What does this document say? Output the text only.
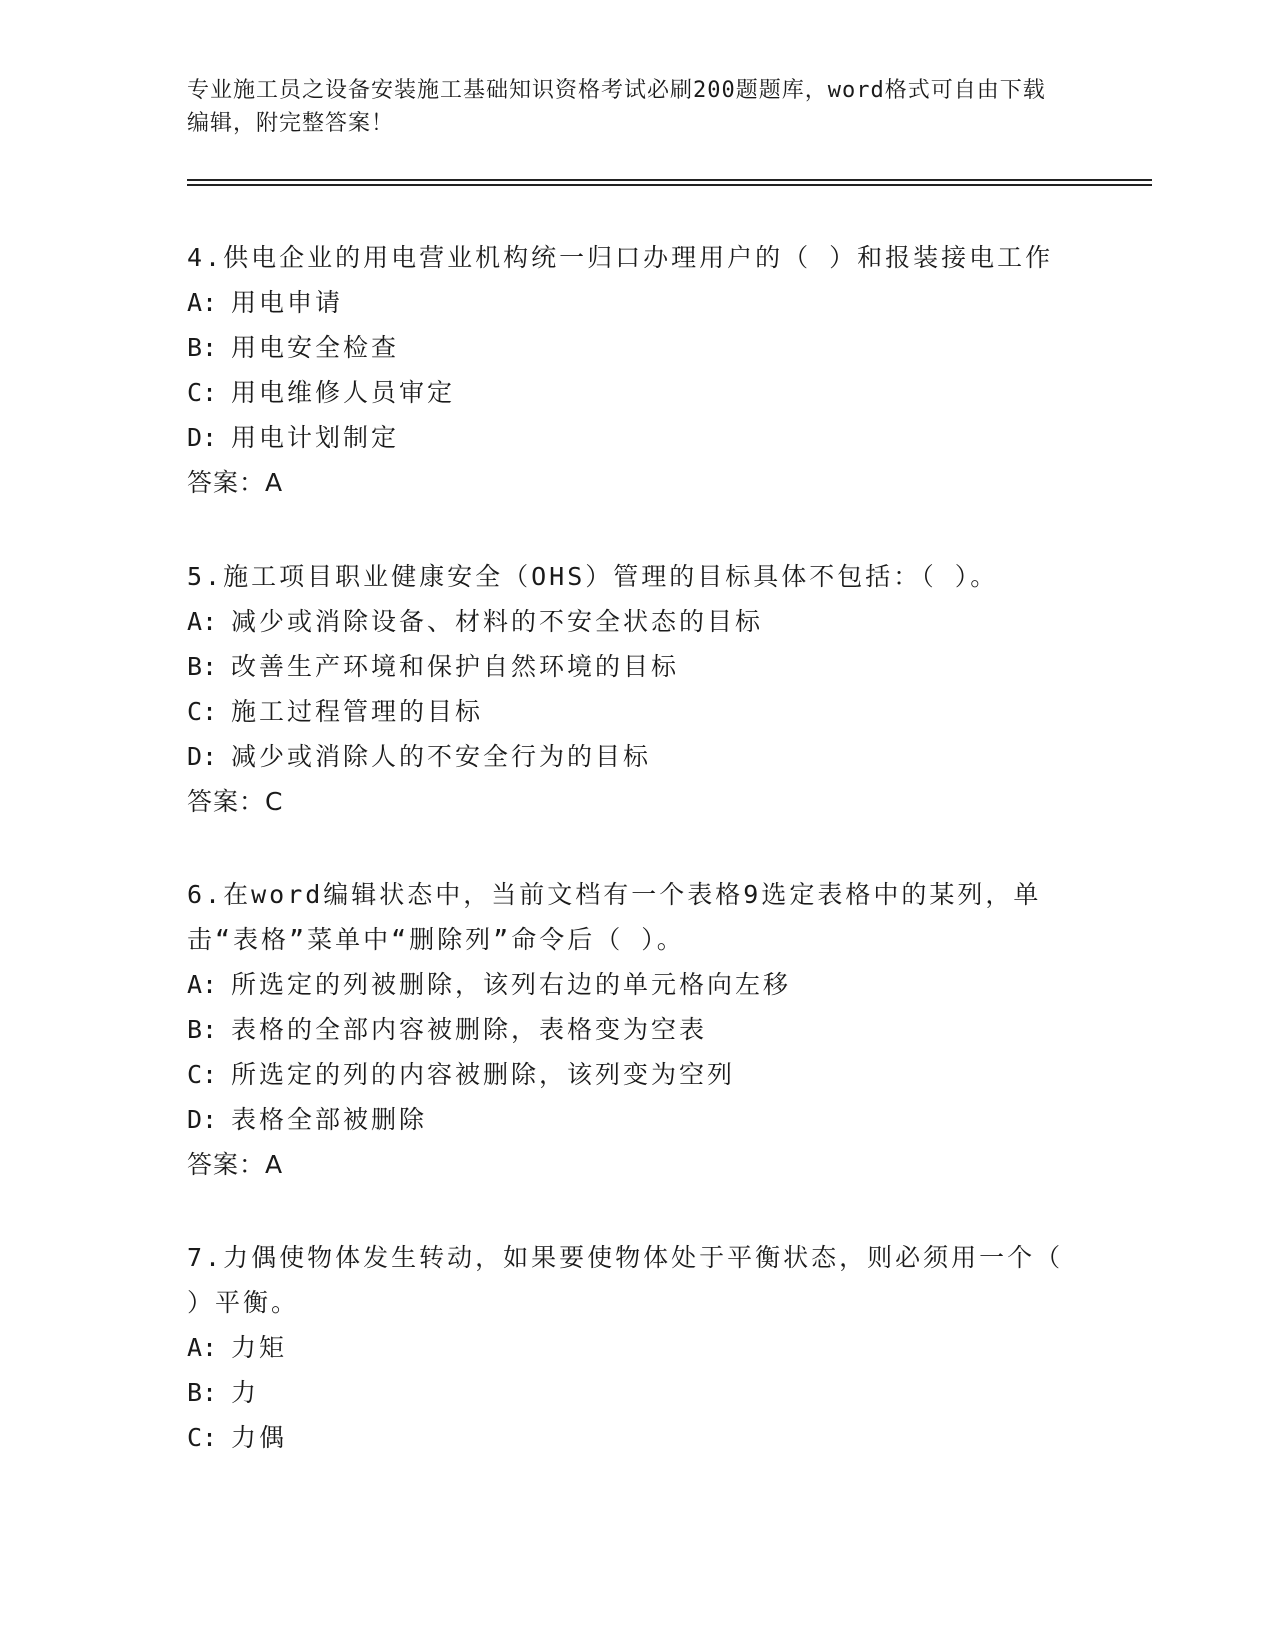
专业施工员之设备安装施工基础知识资格考试必刷200题题库，word格式可自由下载编辑，附完整答案！

4.供电企业的用电营业机构统一归口办理用户的（ ）和报装接电工作

A: 用电申请

B: 用电安全检查

C: 用电维修人员审定

D: 用电计划制定

答案：A

5.施工项目职业健康安全（OHS）管理的目标具体不包括：（ ）。

A: 减少或消除设备、材料的不安全状态的目标

B: 改善生产环境和保护自然环境的目标

C: 施工过程管理的目标

D: 减少或消除人的不安全行为的目标

答案：C

6.在word编辑状态中，当前文档有一个表格9选定表格中的某列，单击“表格”菜单中“删除列”命令后（ ）。

A: 所选定的列被删除，该列右边的单元格向左移

B: 表格的全部内容被删除，表格变为空表

C: 所选定的列的内容被删除，该列变为空列

D: 表格全部被删除

答案：A

7.力偶使物体发生转动，如果要使物体处于平衡状态，则必须用一个（ ）平衡。

A: 力矩

B: 力

C: 力偶
